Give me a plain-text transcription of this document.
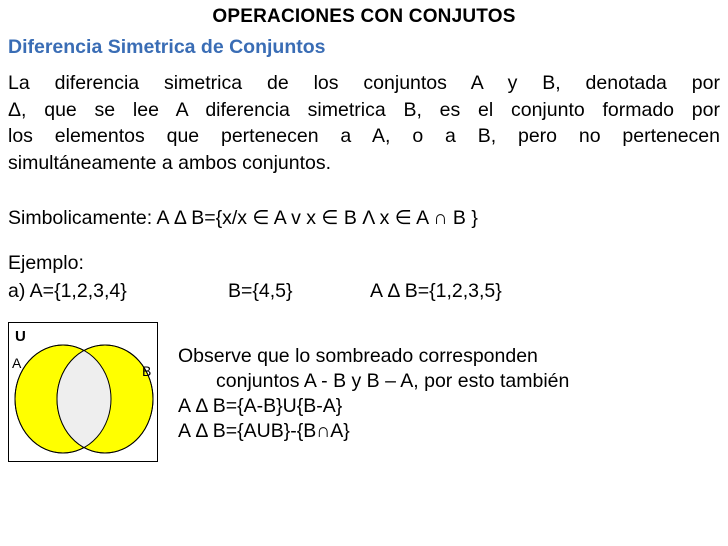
OPERACIONES CON CONJUTOS
Diferencia Simetrica de Conjuntos
La diferencia simetrica de los conjuntos A y B, denotada por
Δ, que se lee A diferencia simetrica B, es el conjunto formado por
los elementos que pertenecen a A, o a B, pero no pertenecen
simultáneamente a ambos conjuntos.
Simbolicamente: A Δ B={x/x ∈ A v x ∈ B Λ x ∈ A ∩ B }
Ejemplo:
a) A={1,2,3,4}	B={4,5}	A Δ B={1,2,3,5}
U
A	B
Observe que lo sombreado corresponden
conjuntos A - B y B – A, por esto también
A Δ B={A-B}U{B-A}
A Δ B={AUB}-{B∩A}
